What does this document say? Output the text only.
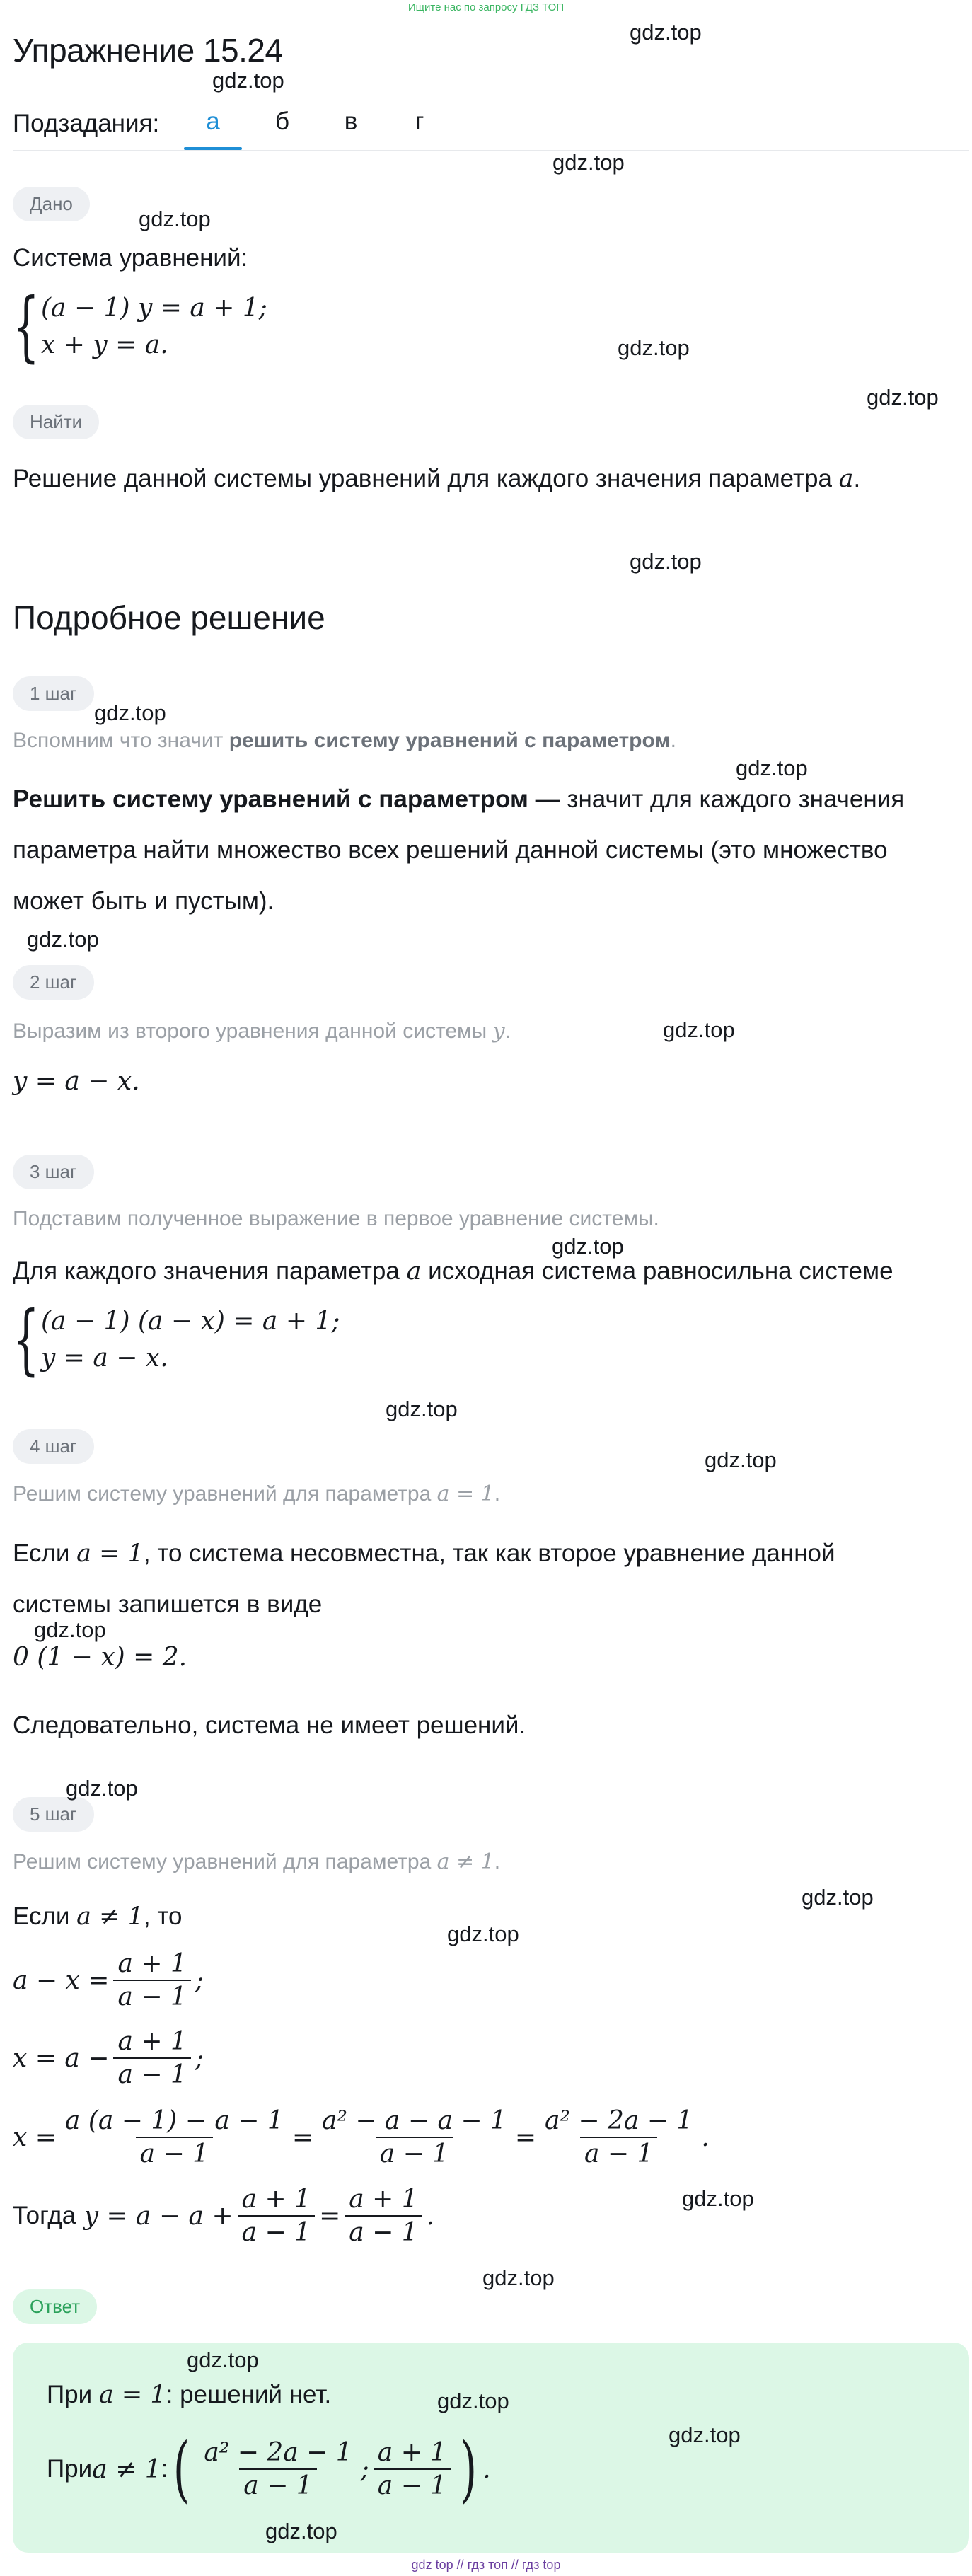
Ищите нас по запросу ГДЗ ТОП
Упражнение 15.24
Подзадания:	а	б	в	г
Дано
Система уравнений:
{ (a − 1) y = a + 1;
x + y = a.
Найти
Решение данной системы уравнений для каждого значения параметра a.
Подробное решение
1 шаг
Вспомним что значит решить систему уравнений с параметром.
Решить систему уравнений с параметром — значит для каждого значения
параметра найти множество всех решений данной системы (это множество
может быть и пустым).
2 шаг
Выразим из второго уравнения данной системы y.
y = a − x.
3 шаг
Подставим полученное выражение в первое уравнение системы.
Для каждого значения параметра a исходная система равносильна системе
{ (a − 1) (a − x) = a + 1;
y = a − x.
4 шаг
Решим систему уравнений для параметра a = 1.
Если a = 1, то система несовместна, так как второе уравнение данной
системы запишется в виде
0 (1 − x) = 2.
Следовательно, система не имеет решений.
5 шаг
Решим систему уравнений для параметра a ≠ 1.
Если a ≠ 1, то
$a - x = \frac{a + 1}{a - 1}$ ;
$x = a - \frac{a + 1}{a - 1}$ ;
$x = \frac{a (a - 1) - a - 1}{a - 1} = \frac{\text{a² − a − a − 1}}{a - 1} = \frac{\text{a² − 2a − 1}}{a - 1}$ .
Тогда
$y = a - a + \frac{a + 1}{a - 1} = \frac{a + 1}{a - 1}$ .
Ответ
При a = 1: решений нет.
При a ≠ 1 : ( $\frac{\text{a² − 2a − 1}}{a - 1}$ ; $\frac{a + 1}{a - 1}$ ) .
gdz.top
gdz.top
gdz.top
gdz.top
gdz.top
gdz.top
gdz.top
gdz.top
gdz.top
gdz.top
gdz.top
gdz.top
gdz.top
gdz.top
gdz.top
gdz.top
gdz.top
gdz.top
gdz.top
gdz.top
gdz.top
gdz.top
gdz.top
gdz.top
gdz top // гдз топ // гдз top
